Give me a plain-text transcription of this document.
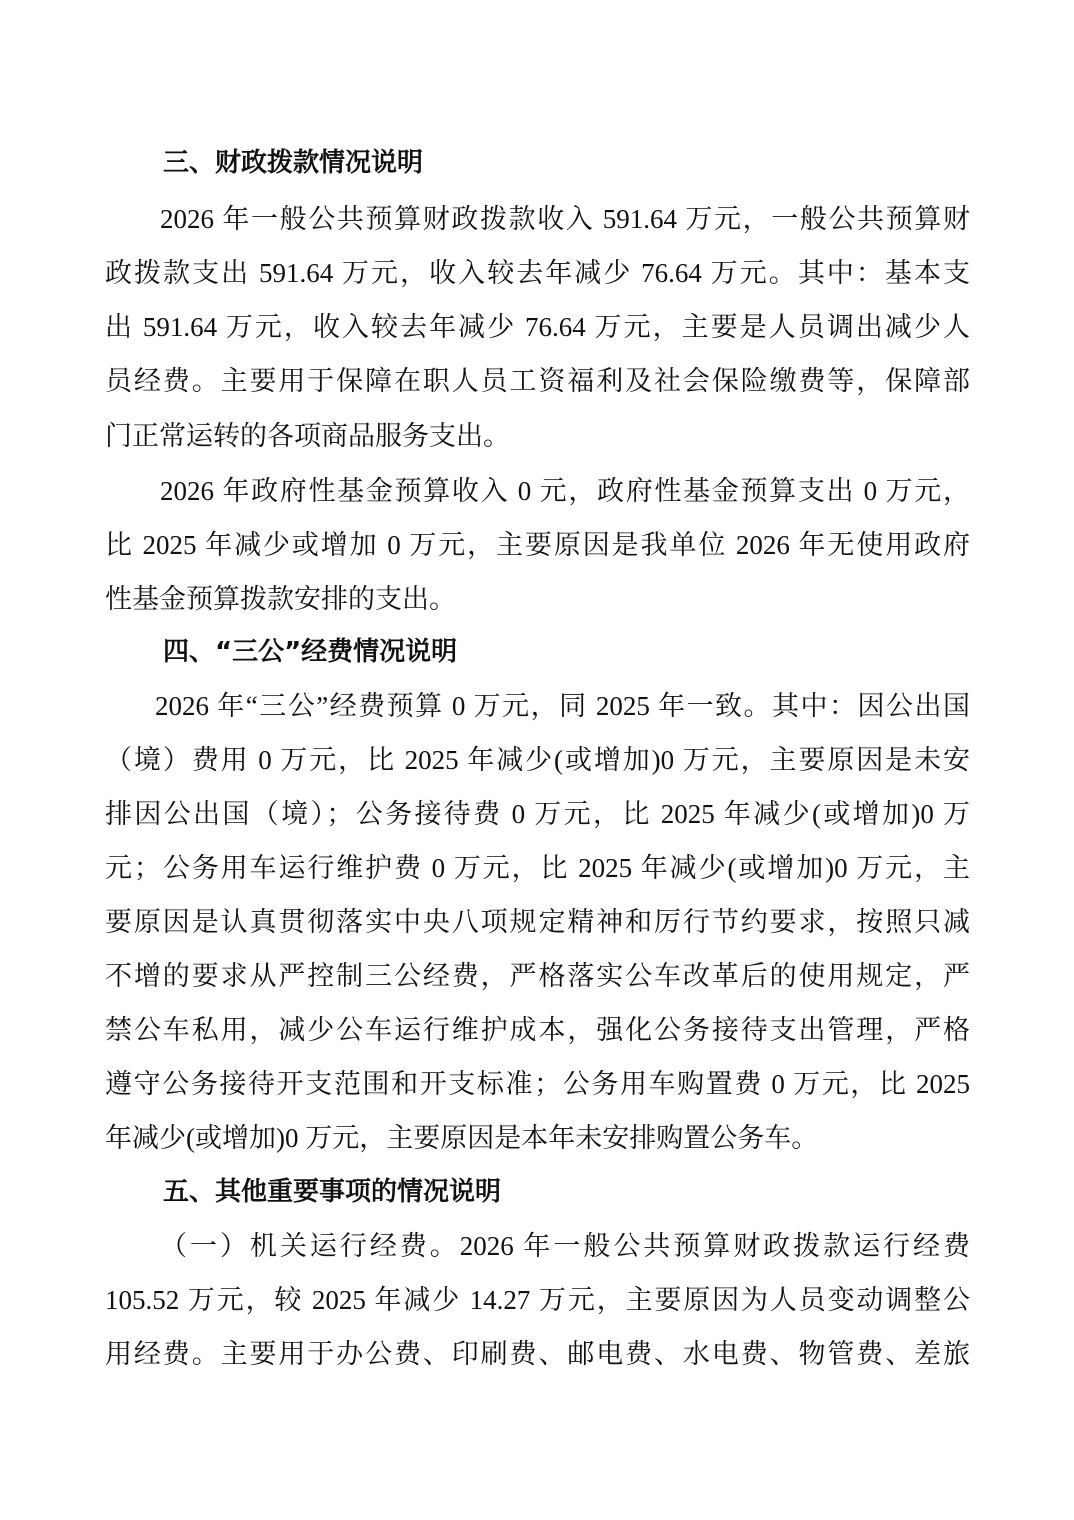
三、财政拨款情况说明
2026 年一般公共预算财政拨款收入 591.64 万元，一般公共预算财
政拨款支出 591.64 万元，收入较去年减少 76.64 万元。其中：基本支
出 591.64 万元，收入较去年减少 76.64 万元，主要是人员调出减少人
员经费。主要用于保障在职人员工资福利及社会保险缴费等，保障部
门正常运转的各项商品服务支出。
2026 年政府性基金预算收入 0 元，政府性基金预算支出 0 万元，
比 2025 年减少或增加 0 万元，主要原因是我单位 2026 年无使用政府
性基金预算拨款安排的支出。
四、“三公”经费情况说明
2026 年“三公”经费预算 0 万元，同 2025 年一致。其中：因公出国
（境）费用 0 万元，比 2025 年减少(或增加)0 万元，主要原因是未安
排因公出国（境）；公务接待费 0 万元，比 2025 年减少(或增加)0 万
元；公务用车运行维护费 0 万元，比 2025 年减少(或增加)0 万元，主
要原因是认真贯彻落实中央八项规定精神和厉行节约要求，按照只减
不增的要求从严控制三公经费，严格落实公车改革后的使用规定，严
禁公车私用，减少公车运行维护成本，强化公务接待支出管理，严格
遵守公务接待开支范围和开支标准；公务用车购置费 0 万元，比 2025
年减少(或增加)0 万元，主要原因是本年未安排购置公务车。
五、其他重要事项的情况说明
（一）机关运行经费。2026 年一般公共预算财政拨款运行经费
105.52 万元，较 2025 年减少 14.27 万元，主要原因为人员变动调整公
用经费。主要用于办公费、印刷费、邮电费、水电费、物管费、差旅
